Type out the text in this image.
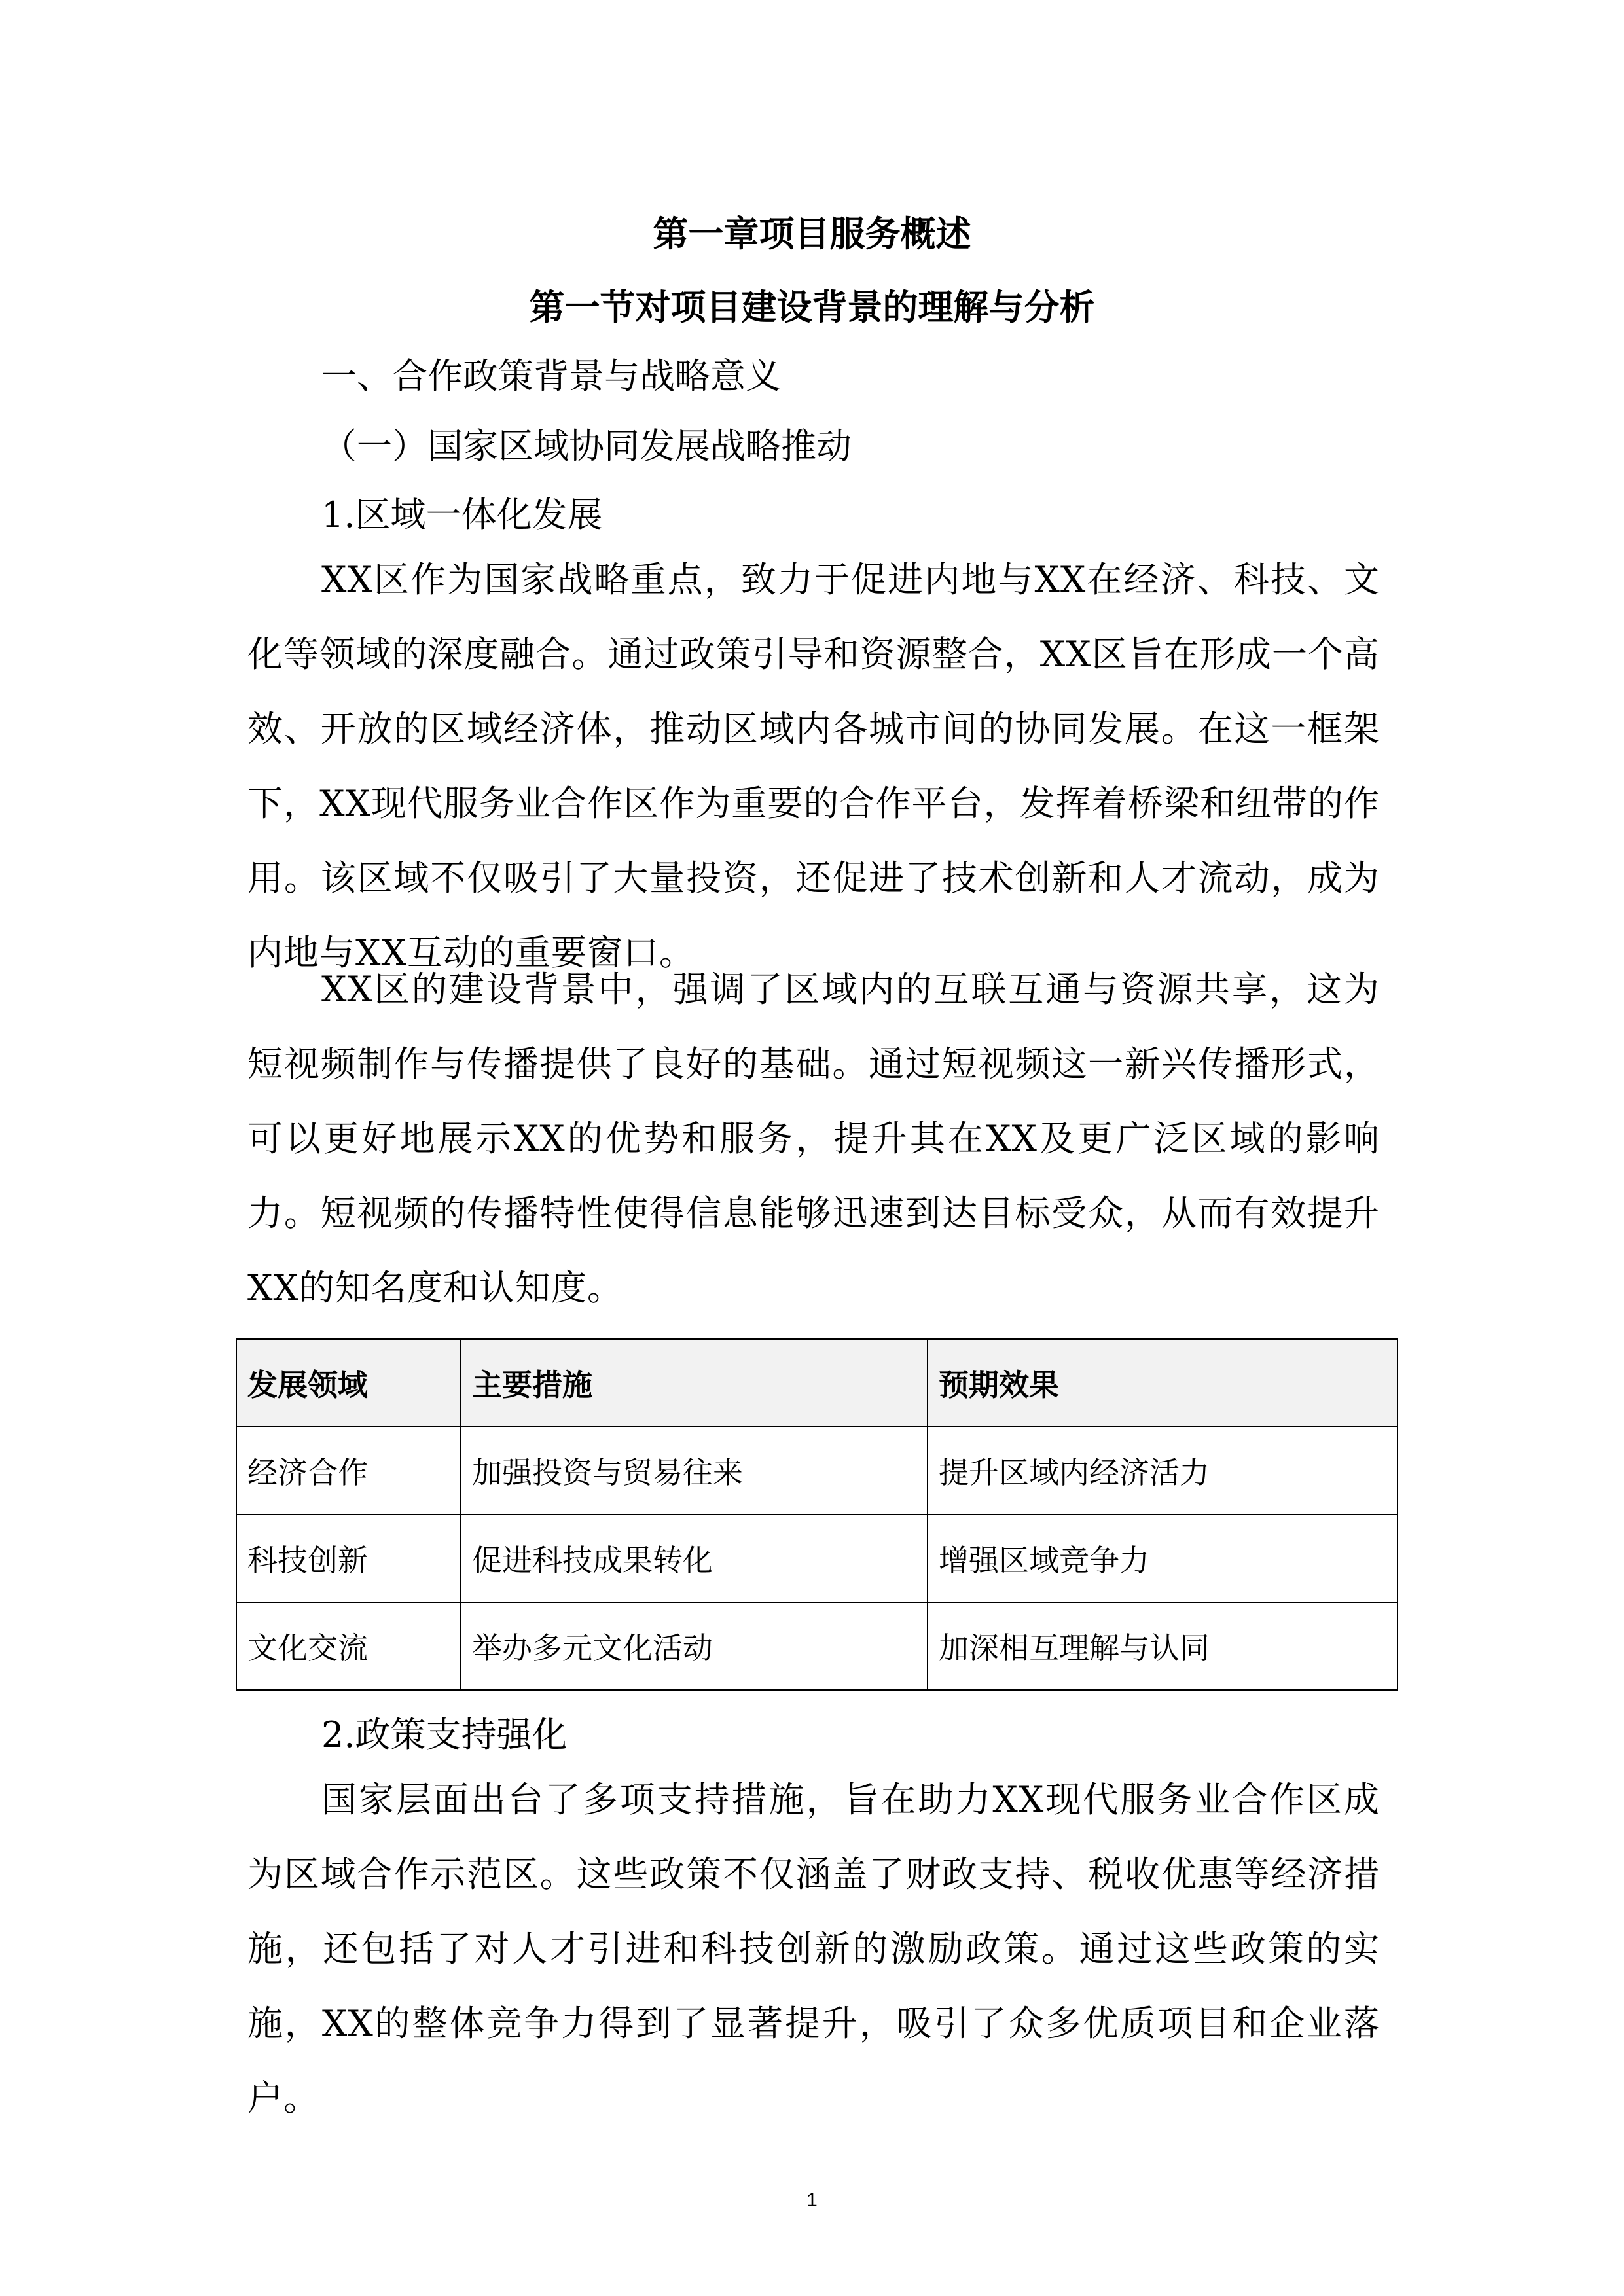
第一章项目服务概述
第一节对项目建设背景的理解与分析
一、合作政策背景与战略意义
（一）国家区域协同发展战略推动
1.区域一体化发展
XX区作为国家战略重点，致力于促进内地与XX在经济、科技、文化等领域的深度融合。通过政策引导和资源整合，XX区旨在形成一个高效、开放的区域经济体，推动区域内各城市间的协同发展。在这一框架下，XX现代服务业合作区作为重要的合作平台，发挥着桥梁和纽带的作用。该区域不仅吸引了大量投资，还促进了技术创新和人才流动，成为内地与XX互动的重要窗口。
XX区的建设背景中，强调了区域内的互联互通与资源共享，这为短视频制作与传播提供了良好的基础。通过短视频这一新兴传播形式，可以更好地展示XX的优势和服务，提升其在XX及更广泛区域的影响力。短视频的传播特性使得信息能够迅速到达目标受众，从而有效提升XX的知名度和认知度。
发展领域	主要措施	预期效果
经济合作	加强投资与贸易往来	提升区域内经济活力
科技创新	促进科技成果转化	增强区域竞争力
文化交流	举办多元文化活动	加深相互理解与认同
2.政策支持强化
国家层面出台了多项支持措施，旨在助力XX现代服务业合作区成为区域合作示范区。这些政策不仅涵盖了财政支持、税收优惠等经济措施，还包括了对人才引进和科技创新的激励政策。通过这些政策的实施，XX的整体竞争力得到了显著提升，吸引了众多优质项目和企业落户。
1
